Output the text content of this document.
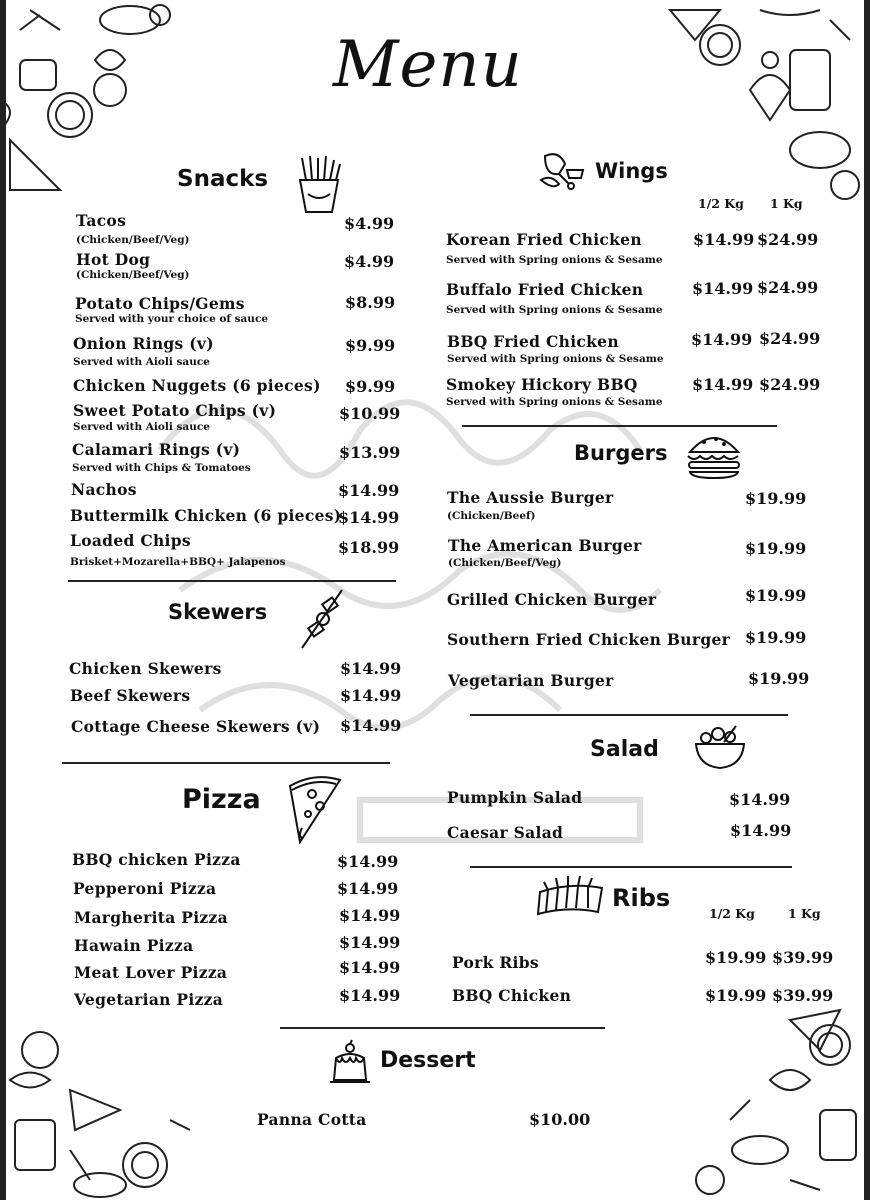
Menu
Snacks
Tacos
(Chicken/Beef/Veg)
$4.99
Hot Dog
(Chicken/Beef/Veg)
$4.99
Potato Chips/Gems
Served with your choice of sauce
$8.99
Onion Rings (v)
Served with Aioli sauce
$9.99
Chicken Nuggets (6 pieces) $9.99
Sweet Potato Chips (v)
Served with Aioli sauce
$10.99
Calamari Rings (v)
Served with Chips & Tomatoes
$13.99
Nachos	$14.99
Buttermilk Chicken (6 pieces)
$14.99
Loaded Chips
Brisket+Mozarella+BBQ+ Jalapenos
$18.99
Skewers
Chicken Skewers	$14.99
Beef Skewers	$14.99
Cottage Cheese Skewers (v) $14.99
Pizza
BBQ chicken Pizza	$14.99
Pepperoni Pizza	$14.99
Margherita Pizza	$14.99
Hawain Pizza	$14.99
Meat Lover Pizza	$14.99
Vegetarian Pizza	$14.99
Wings
1/2 Kg 1 Kg
Korean Fried Chicken
Served with Spring onions & Sesame
$14.99 $24.99
Buffalo Fried Chicken
Served with Spring onions & Sesame
$14.99 $24.99
BBQ Fried Chicken
Served with Spring onions & Sesame
$14.99 $24.99
Smokey Hickory BBQ
Served with Spring onions & Sesame
$14.99 $24.99
Burgers
The Aussie Burger
(Chicken/Beef)
$19.99
The American Burger
(Chicken/Beef/Veg)
$19.99
Grilled Chicken Burger	$19.99
Southern Fried Chicken Burger $19.99
Vegetarian Burger	$19.99
Salad
Pumpkin Salad	$14.99
Caesar Salad	$14.99
Ribs
1/2 Kg	1 Kg
Pork Ribs	$19.99 $39.99
BBQ Chicken	$19.99 $39.99
Dessert
Panna Cotta	$10.00
